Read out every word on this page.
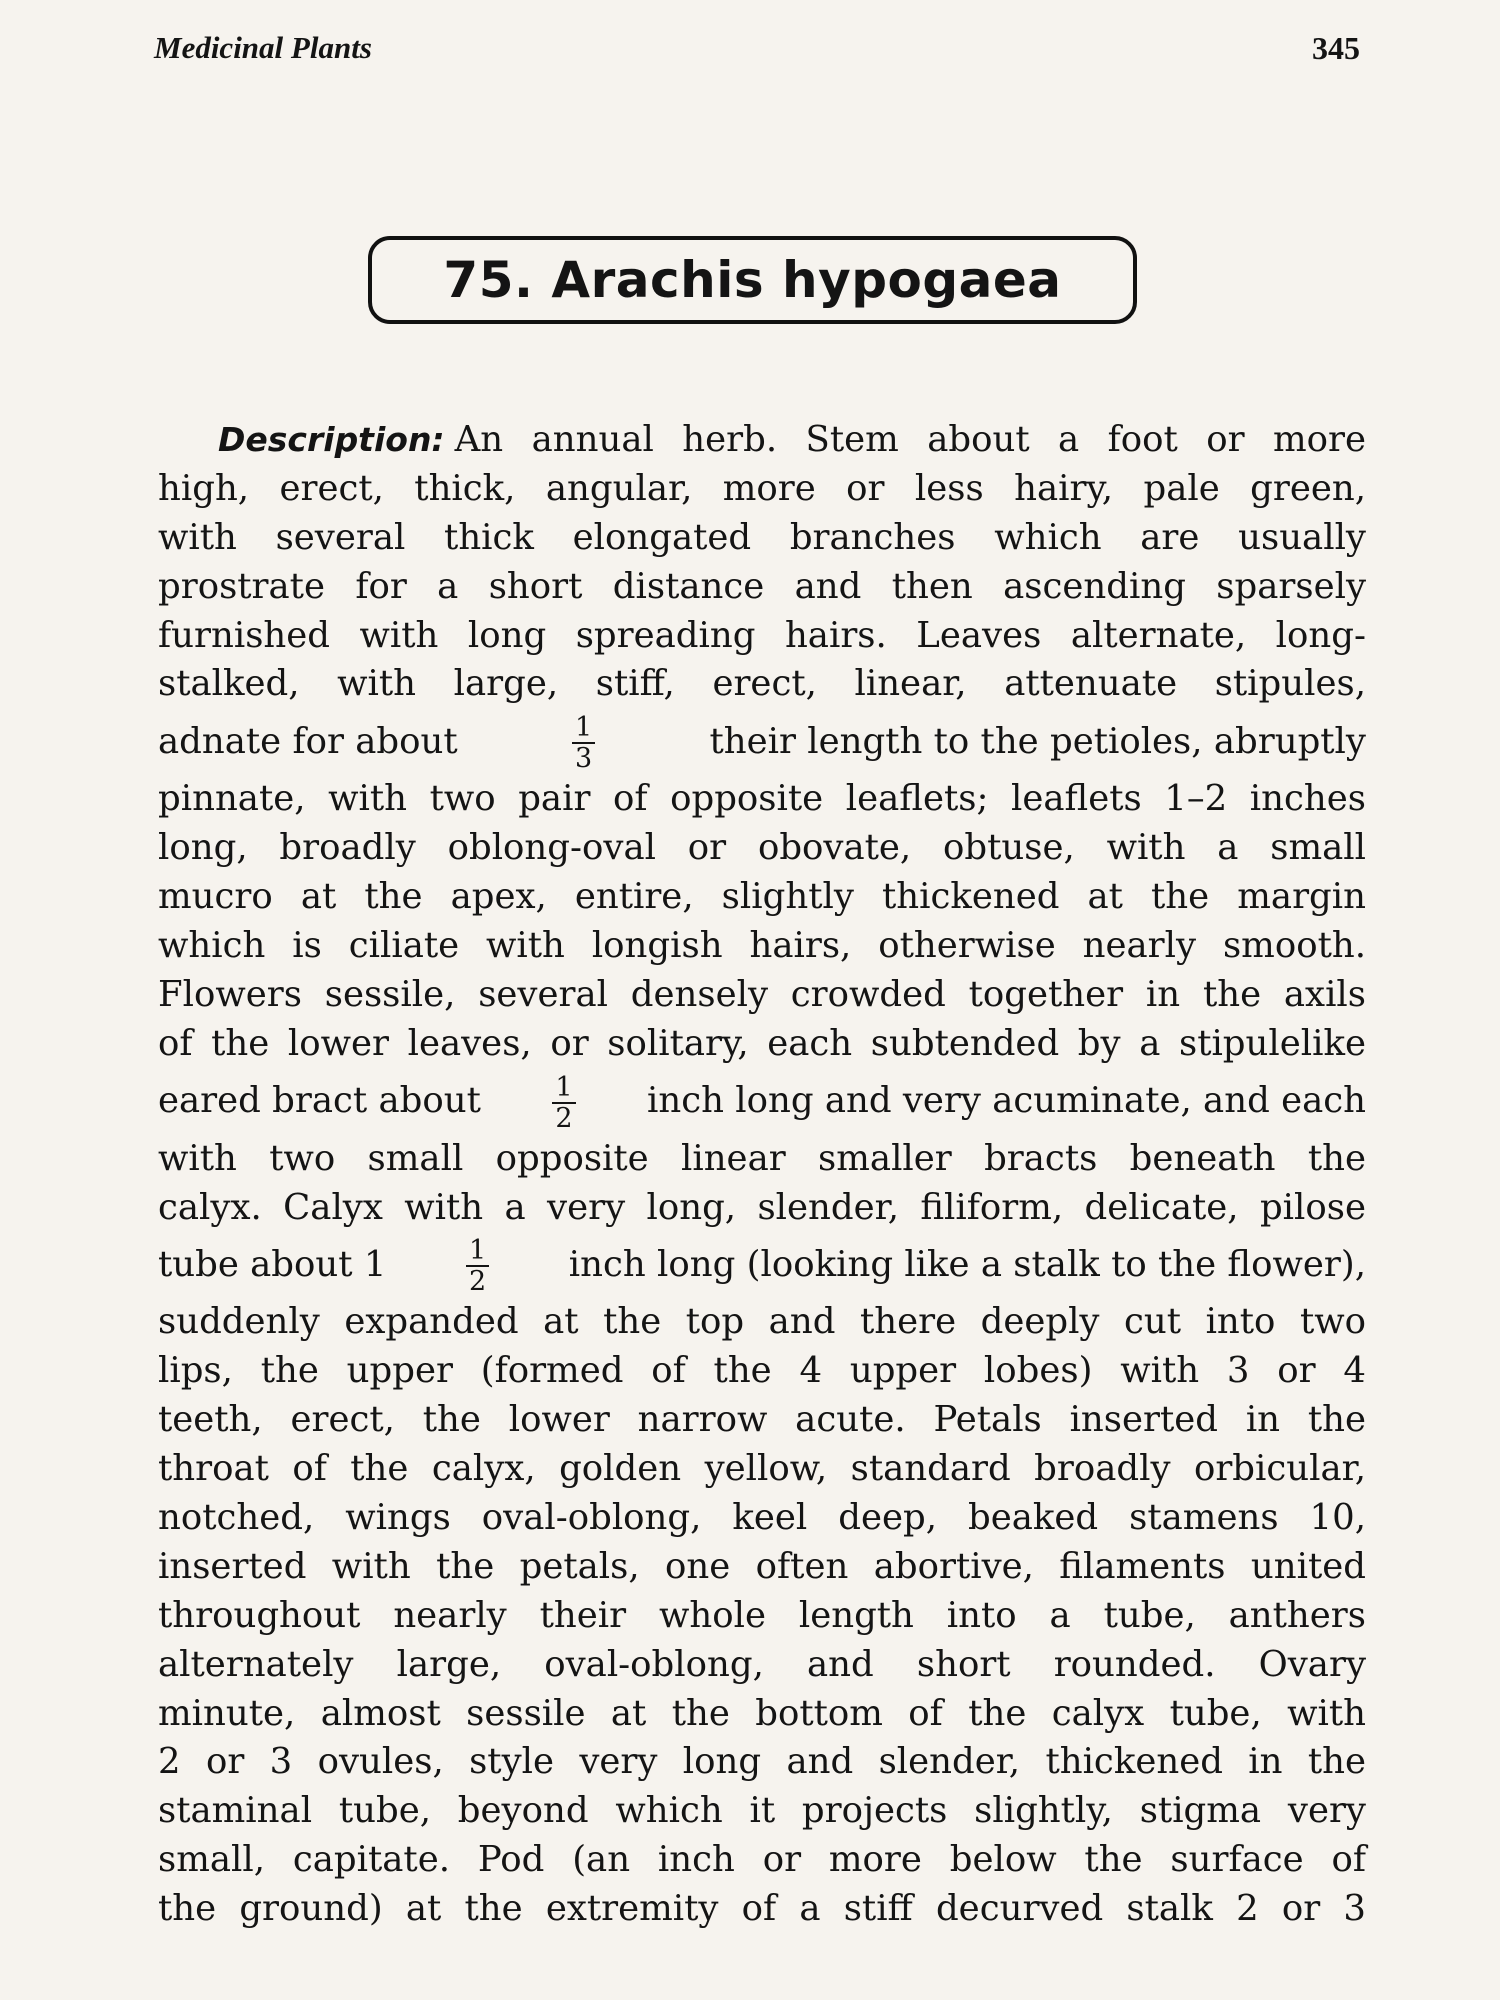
Medicinal Plants	345
75. Arachis hypogaea
Description: An annual herb. Stem about a foot or more
high, erect, thick, angular, more or less hairy, pale green,
with several thick elongated branches which are usually
prostrate for a short distance and then ascending sparsely
furnished with long spreading hairs. Leaves alternate, long-
stalked, with large, stiff, erect, linear, attenuate stipules,
adnate for about	$\frac{1}{3}$	their length to the petioles, abruptly
pinnate, with two pair of opposite leaflets; leaflets 1–2 inches
long, broadly oblong-oval or obovate, obtuse, with a small
mucro at the apex, entire, slightly thickened at the margin
which is ciliate with longish hairs, otherwise nearly smooth.
Flowers sessile, several densely crowded together in the axils
of the lower leaves, or solitary, each subtended by a stipulelike
eared bract about	$\frac{1}{2}$ inch long and very acuminate, and each
with two small opposite linear smaller bracts beneath the
calyx. Calyx with a very long, slender, filiform, delicate, pilose
tube about 1	$\frac{1}{2}$ inch long (looking like a stalk to the flower),
suddenly expanded at the top and there deeply cut into two
lips, the upper (formed of the 4 upper lobes) with 3 or 4
teeth, erect, the lower narrow acute. Petals inserted in the
throat of the calyx, golden yellow, standard broadly orbicular,
notched, wings oval-oblong, keel deep, beaked stamens 10,
inserted with the petals, one often abortive, filaments united
throughout nearly their whole length into a tube, anthers
alternately large, oval-oblong, and short rounded. Ovary
minute, almost sessile at the bottom of the calyx tube, with
2 or 3 ovules, style very long and slender, thickened in the
staminal tube, beyond which it projects slightly, stigma very
small, capitate. Pod (an inch or more below the surface of
the ground) at the extremity of a stiff decurved stalk 2 or 3
